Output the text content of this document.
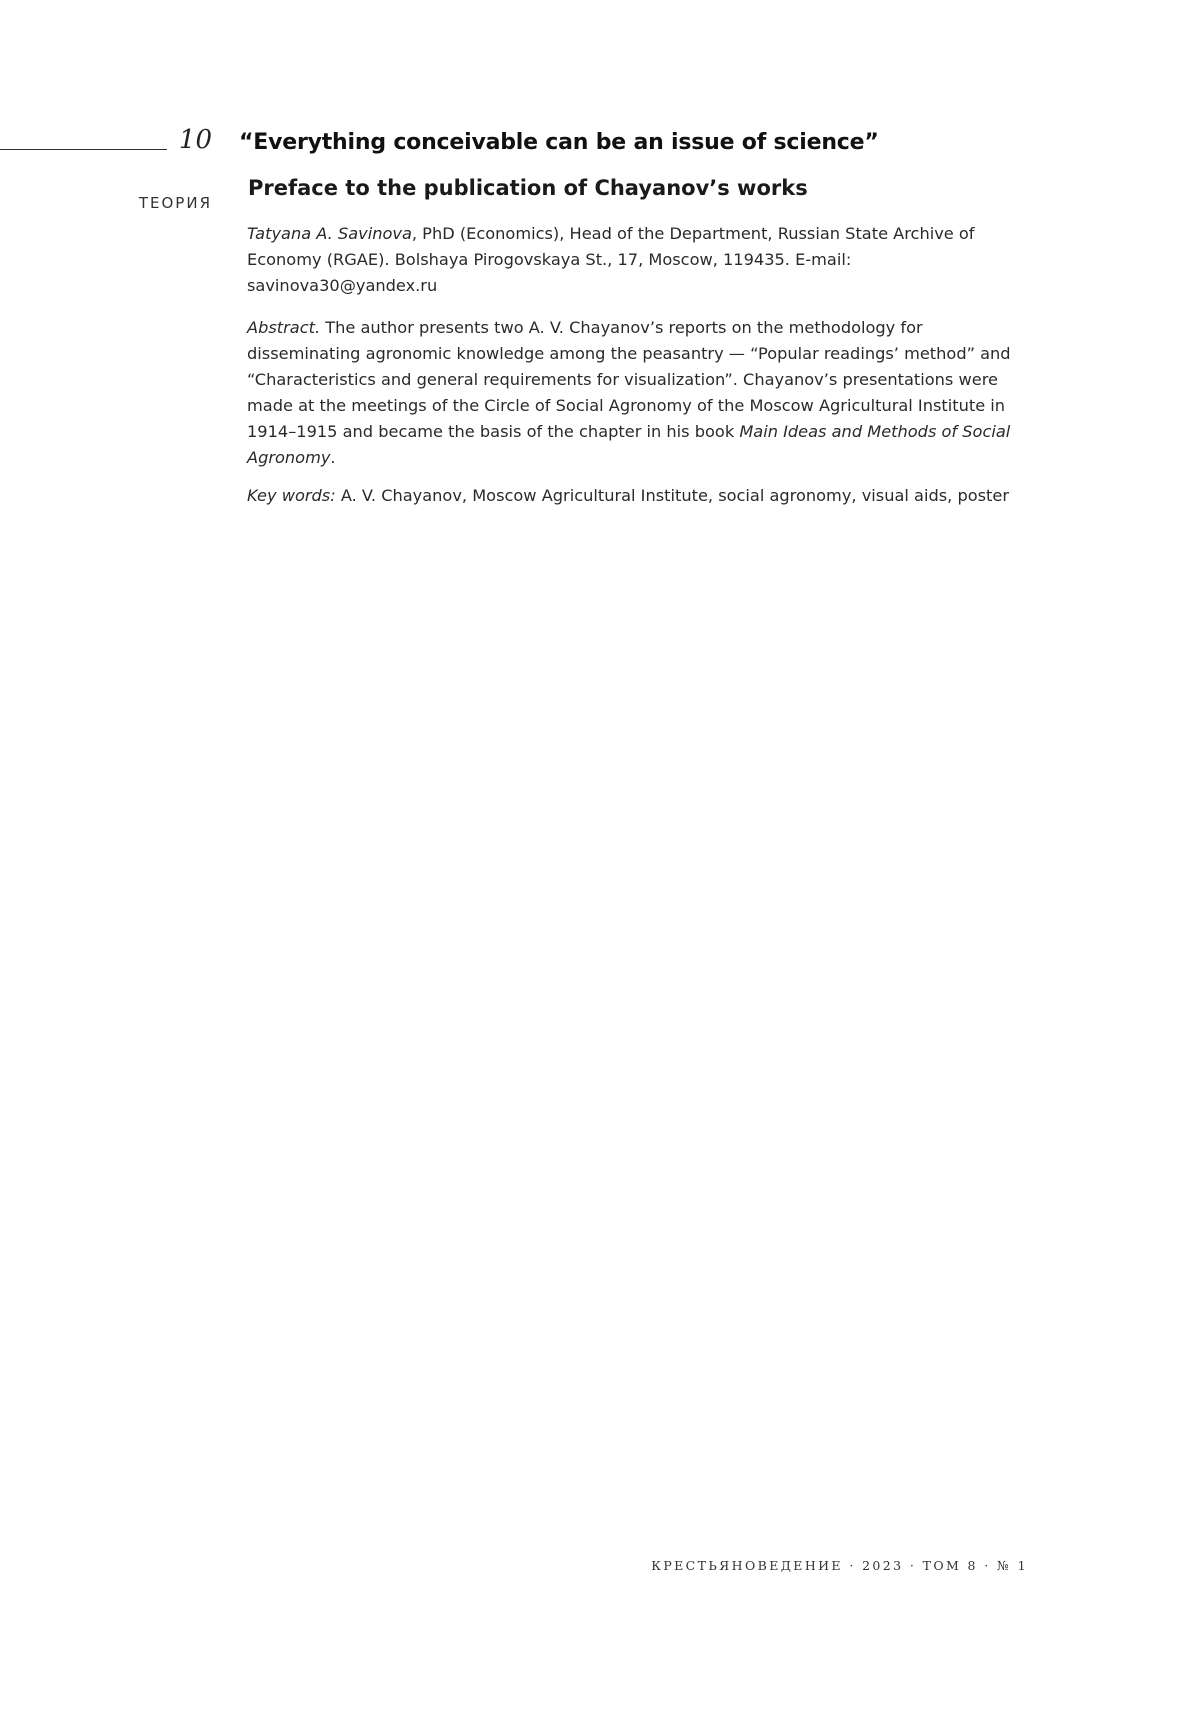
10
ТЕОРИЯ
“Everything conceivable can be an issue of science”
Preface to the publication of Chayanov’s works

Tatyana A. Savinova, PhD (Economics), Head of the Department, Russian State Archive of Economy (RGAE). Bolshaya Pirogovskaya St., 17, Moscow, 119435. E-mail: savinova30@yandex.ru

Abstract. The author presents two A. V. Chayanov’s reports on the methodology for disseminating agronomic knowledge among the peasantry — “Popular readings’ method” and “Characteristics and general requirements for visualization”. Chayanov’s presentations were made at the meetings of the Circle of Social Agronomy of the Moscow Agricultural Institute in 1914–1915 and became the basis of the chapter in his book Main Ideas and Methods of Social Agronomy.

Key words: A. V. Chayanov, Moscow Agricultural Institute, social agronomy, visual aids, poster

КРЕСТЬЯНОВЕДЕНИЕ · 2023 · ТОМ 8 · № 1
